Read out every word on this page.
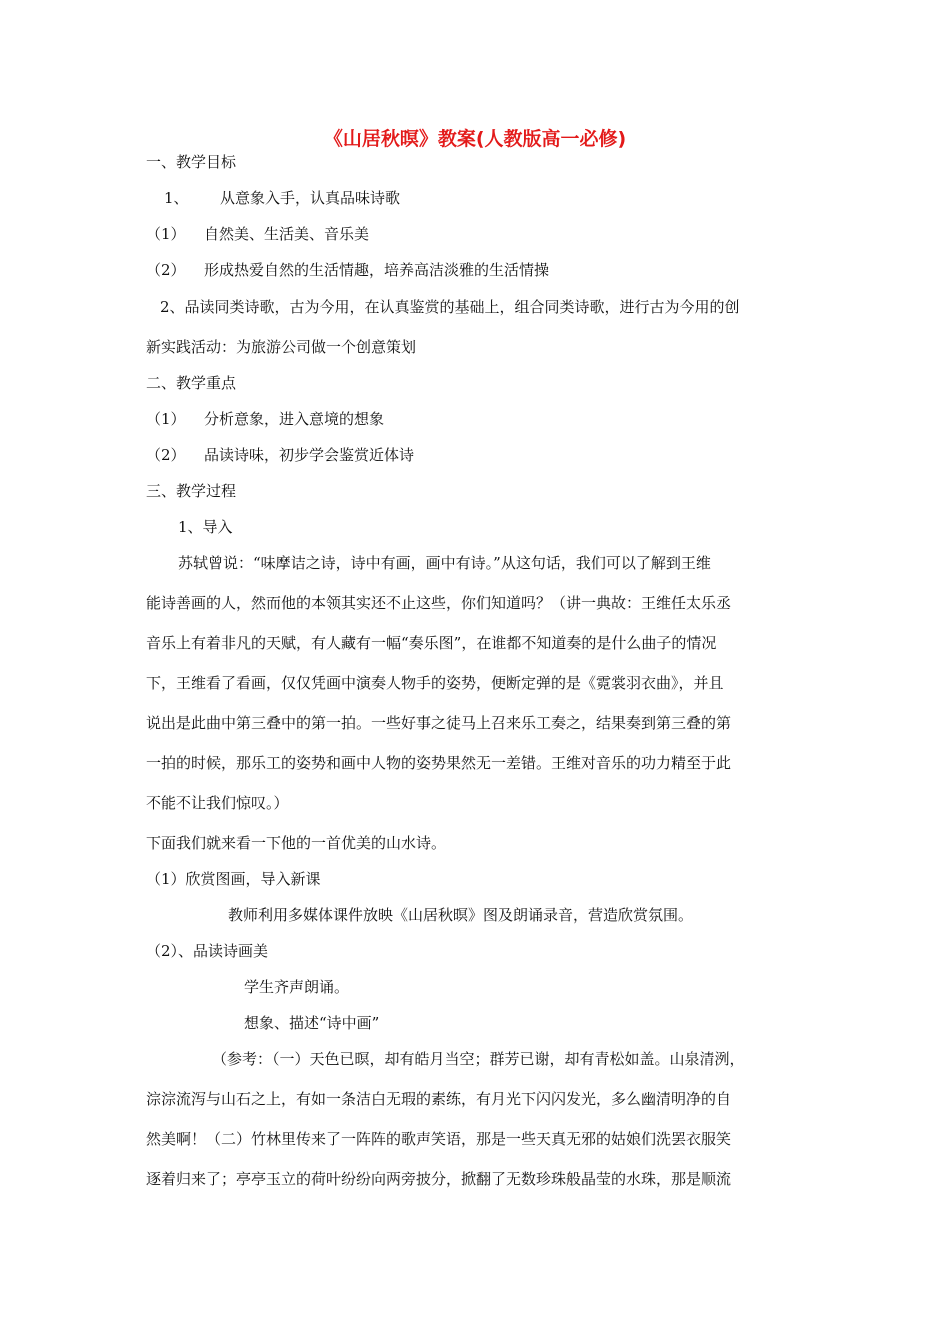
《山居秋暝》教案(人教版高一必修)
一、教学目标
1、 从意象入手，认真品味诗歌
（1） 自然美、生活美、音乐美
（2） 形成热爱自然的生活情趣，培养高洁淡雅的生活情操
2、品读同类诗歌，古为今用，在认真鉴赏的基础上，组合同类诗歌，进行古为今用的创
新实践活动：为旅游公司做一个创意策划
二、教学重点
（1） 分析意象，进入意境的想象
（2） 品读诗味，初步学会鉴赏近体诗
三、教学过程
1、导入
苏轼曾说：“味摩诘之诗，诗中有画，画中有诗。”从这句话，我们可以了解到王维
能诗善画的人，然而他的本领其实还不止这些，你们知道吗？（讲一典故：王维任太乐丞
音乐上有着非凡的天赋，有人藏有一幅“奏乐图”，在谁都不知道奏的是什么曲子的情况
下，王维看了看画，仅仅凭画中演奏人物手的姿势，便断定弹的是《霓裳羽衣曲》，并且
说出是此曲中第三叠中的第一拍。一些好事之徒马上召来乐工奏之，结果奏到第三叠的第
一拍的时候，那乐工的姿势和画中人物的姿势果然无一差错。王维对音乐的功力精至于此
不能不让我们惊叹。）
下面我们就来看一下他的一首优美的山水诗。
（1）欣赏图画，导入新课
教师利用多媒体课件放映《山居秋暝》图及朗诵录音，营造欣赏氛围。
（2）、品读诗画美
学生齐声朗诵。
想象、描述“诗中画”
（参考：（一）天色已暝，却有皓月当空；群芳已谢，却有青松如盖。山泉清洌，
淙淙流泻与山石之上，有如一条洁白无瑕的素练，有月光下闪闪发光，多么幽清明净的自
然美啊！（二）竹林里传来了一阵阵的歌声笑语，那是一些天真无邪的姑娘们洗罢衣服笑
逐着归来了；亭亭玉立的荷叶纷纷向两旁披分，掀翻了无数珍珠般晶莹的水珠，那是顺流
